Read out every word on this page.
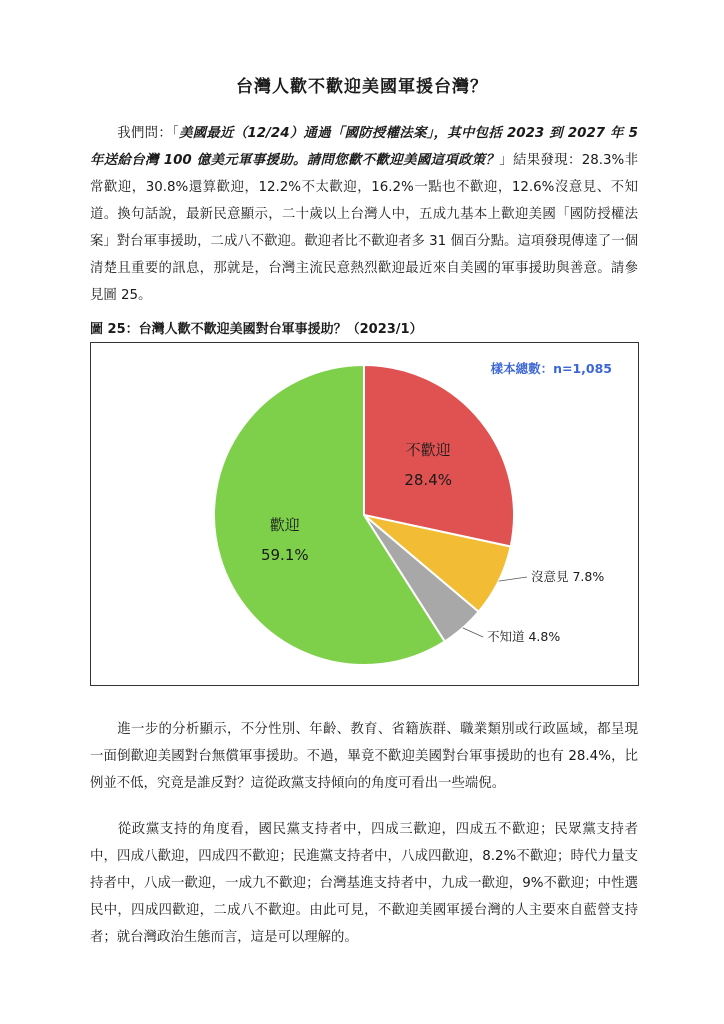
台灣人歡不歡迎美國軍援台灣？

我們問：「美國最近（12/24）通過「國防授權法案」，其中包括 2023 到 2027 年 5 年送給台灣 100 億美元軍事援助。請問您歡不歡迎美國這項政策？」結果發現：28.3%非常歡迎，30.8%還算歡迎，12.2%不太歡迎，16.2%一點也不歡迎，12.6%沒意見、不知道。換句話說，最新民意顯示，二十歲以上台灣人中，五成九基本上歡迎美國「國防授權法案」對台軍事援助，二成八不歡迎。歡迎者比不歡迎者多 31 個百分點。這項發現傳達了一個清楚且重要的訊息，那就是，台灣主流民意熱烈歡迎最近來自美國的軍事援助與善意。請參見圖 25。

圖 25：台灣人歡不歡迎美國對台軍事援助？（2023/1）
樣本總數：n=1,085
不歡迎
28.4%
沒意見 7.8%
不知道 4.8%
歡迎
59.1%

進一步的分析顯示，不分性別、年齡、教育、省籍族群、職業類別或行政區域，都呈現一面倒歡迎美國對台無償軍事援助。不過，畢竟不歡迎美國對台軍事援助的也有 28.4%，比例並不低，究竟是誰反對？這從政黨支持傾向的角度可看出一些端倪。

從政黨支持的角度看，國民黨支持者中，四成三歡迎，四成五不歡迎；民眾黨支持者中，四成八歡迎，四成四不歡迎；民進黨支持者中，八成四歡迎，8.2%不歡迎；時代力量支持者中，八成一歡迎，一成九不歡迎；台灣基進支持者中，九成一歡迎，9%不歡迎；中性選民中，四成四歡迎，二成八不歡迎。由此可見，不歡迎美國軍援台灣的人主要來自藍營支持者；就台灣政治生態而言，這是可以理解的。
